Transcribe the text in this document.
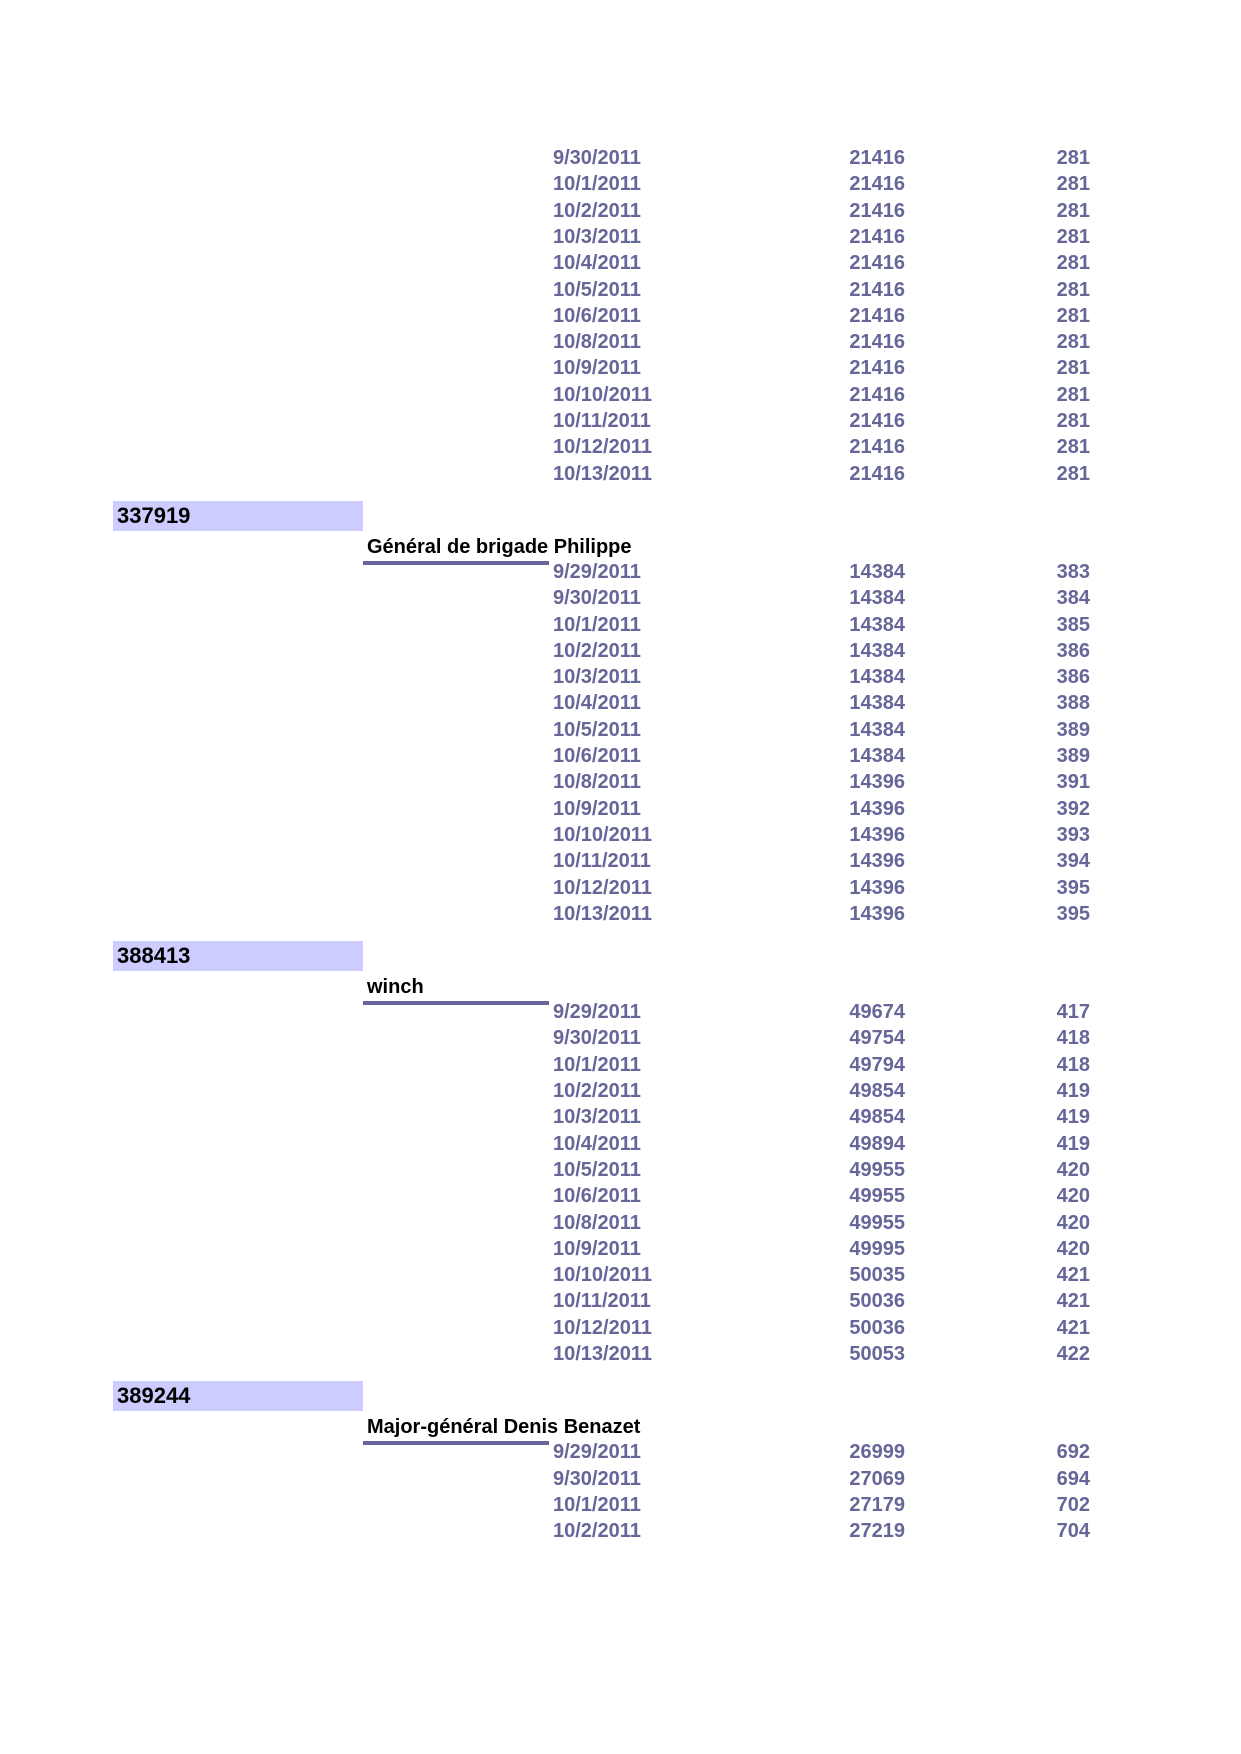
9/30/2011	21416	281
10/1/2011	21416	281
10/2/2011	21416	281
10/3/2011	21416	281
10/4/2011	21416	281
10/5/2011	21416	281
10/6/2011	21416	281
10/8/2011	21416	281
10/9/2011	21416	281
10/10/2011	21416	281
10/11/2011	21416	281
10/12/2011	21416	281
10/13/2011	21416	281
337919
Général de brigade Philippe
9/29/2011	14384	383
9/30/2011	14384	384
10/1/2011	14384	385
10/2/2011	14384	386
10/3/2011	14384	386
10/4/2011	14384	388
10/5/2011	14384	389
10/6/2011	14384	389
10/8/2011	14396	391
10/9/2011	14396	392
10/10/2011	14396	393
10/11/2011	14396	394
10/12/2011	14396	395
10/13/2011	14396	395
388413
winch
9/29/2011	49674	417
9/30/2011	49754	418
10/1/2011	49794	418
10/2/2011	49854	419
10/3/2011	49854	419
10/4/2011	49894	419
10/5/2011	49955	420
10/6/2011	49955	420
10/8/2011	49955	420
10/9/2011	49995	420
10/10/2011	50035	421
10/11/2011	50036	421
10/12/2011	50036	421
10/13/2011	50053	422
389244
Major-général Denis Benazet
9/29/2011	26999	692
9/30/2011	27069	694
10/1/2011	27179	702
10/2/2011	27219	704
